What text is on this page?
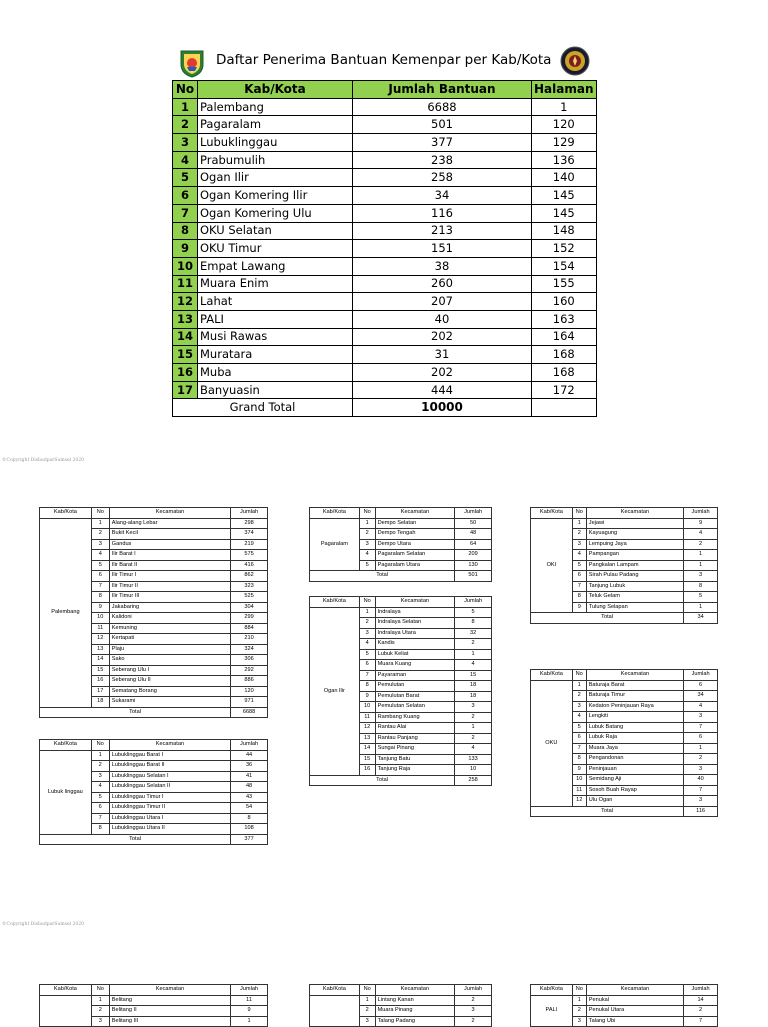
Daftar Penerima Bantuan Kemenpar per Kab/Kota
No	Kab/Kota	Jumlah Bantuan	Halaman
1	Palembang	6688	1
2	Pagaralam	501	120
3	Lubuklinggau	377	129
4	Prabumulih	238	136
5	Ogan Ilir	258	140
6	Ogan Komering Ilir	34	145
7	Ogan Komering Ulu	116	145
8	OKU Selatan	213	148
9	OKU Timur	151	152
10	Empat Lawang	38	154
11	Muara Enim	260	155
12	Lahat	207	160
13	PALI	40	163
14	Musi Rawas	202	164
15	Muratara	31	168
16	Muba	202	168
17	Banyuasin	444	172
Grand Total		10000	
©Copyright DisbudparSumsel 2020
©Copyright DisbudparSumsel 2020
Kab/Kota	No	Kecamatan	Jumlah
Palembang	1	Alang-alang Lebar	298
	2	Bukit Kecil	374
	3	Gandus	219
	4	Ilir Barat I	575
	5	Ilir Barat II	416
	6	Ilir Timur I	862
	7	Ilir Timur II	323
	8	Ilir Timur III	525
	9	Jakabaring	304
	10	Kalidoni	299
	11	Kemuning	884
	12	Kertapati	210
	13	Plaju	324
	14	Sako	306
	15	Seberang Ulu I	292
	16	Seberang Ulu II	886
	17	Sematang Borang	120
	18	Sukarami	971
Total			6688
Kab/Kota	No	Kecamatan	Jumlah
Lubuk linggau	1	Lubuklinggau Barat I	44
	2	Lubuklinggau Barat II	36
	3	Lubuklinggau Selatan I	41
	4	Lubuklinggau Selatan II	48
	5	Lubuklinggau Timur I	43
	6	Lubuklinggau Timur II	54
	7	Lubuklinggau Utara I	8
	8	Lubuklinggau Utara II	108
Total			377
Kab/Kota	No	Kecamatan	Jumlah
Pagaralam	1	Dempo Selatan	50
	2	Dempo Tengah	48
	3	Dempo Utara	64
	4	Pagaralam Selatan	209
	5	Pagaralam Utara	130
Total			501
Kab/Kota	No	Kecamatan	Jumlah
Ogan Ilir	1	Indralaya	5
	2	Indralaya Selatan	8
	3	Indralaya Utara	32
	4	Kandis	2
	5	Lubuk Keliat	1
	6	Muara Kuang	4
	7	Payaraman	15
	8	Pemulutan	18
	9	Pemulutan Barat	18
	10	Pemulutan Selatan	3
	11	Rambang Kuang	2
	12	Rantau Alai	1
	13	Rantau Panjang	2
	14	Sungai Pinang	4
	15	Tanjung Batu	133
	16	Tanjung Raja	10
Total			258
Kab/Kota	No	Kecamatan	Jumlah
OKI	1	Jejawi	9
	2	Kayuagung	4
	3	Lempuing Jaya	2
	4	Pampangan	1
	5	Pangkalan Lampam	1
	6	Sirah Pulau Padang	3
	7	Tanjung Lubuk	8
	8	Teluk Gelam	5
	9	Tulung Selapan	1
Total			34
Kab/Kota	No	Kecamatan	Jumlah
OKU	1	Baturaja Barat	6
	2	Baturaja Timur	34
	3	Kedaton Peninjauan Raya	4
	4	Lengkiti	3
	5	Lubuk Batang	7
	6	Lubuk Raja	6
	7	Muara Jaya	1
	8	Pengandonan	2
	9	Peninjauan	3
	10	Semidang Aji	40
	11	Sosoh Buah Rayap	7
	12	Ulu Ogan	3
Total			116
Kab/Kota	No	Kecamatan	Jumlah
	1	Belitang	11
	2	Belitang II	9
	3	Belitang III	1
Kab/Kota	No	Kecamatan	Jumlah
	1	Lintang Kanan	2
	2	Muara Pinang	3
	3	Talang Padang	2
Kab/Kota	No	Kecamatan	Jumlah
PALI	1	Penukal	14
	2	Penukal Utara	2
	3	Talang Ubi	7
